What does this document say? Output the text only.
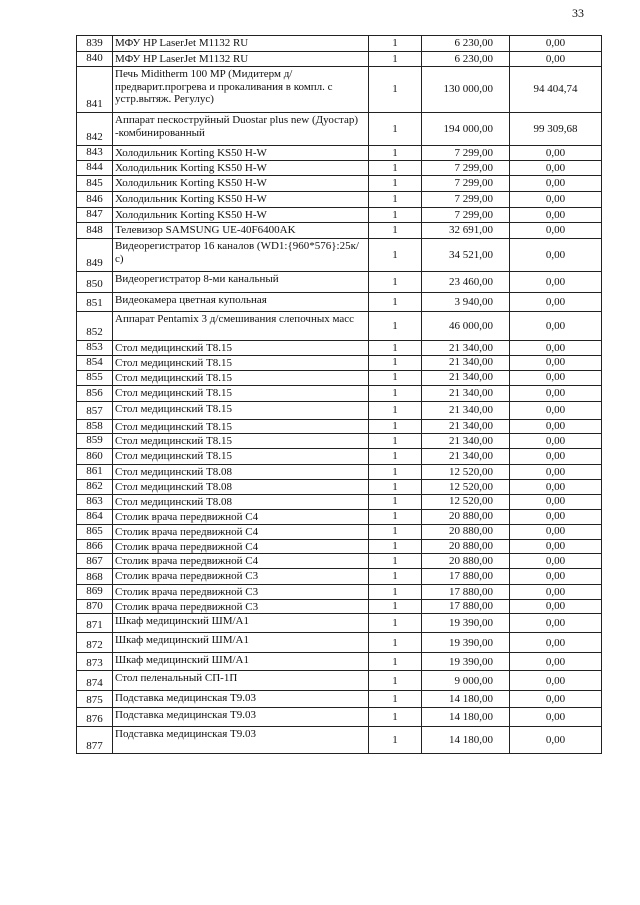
33
839	МФУ HP LaserJet M1132 RU	1	6 230,00	0,00
840	МФУ HP LaserJet M1132 RU	1	6 230,00	0,00
841	Печь Miditherm 100 MP (Мидитерм д/предварит.прогрева и прокаливания в компл. с устр.вытяж. Регулус)	1	130 000,00	94 404,74
842	Аппарат пескоструйный Duostar plus new (Дуостар) -комбинированный	1	194 000,00	99 309,68
843	Холодильник Korting KS50 H-W	1	7 299,00	0,00
844	Холодильник Korting KS50 H-W	1	7 299,00	0,00
845	Холодильник Korting KS50 H-W	1	7 299,00	0,00
846	Холодильник Korting KS50 H-W	1	7 299,00	0,00
847	Холодильник Korting KS50 H-W	1	7 299,00	0,00
848	Телевизор SAMSUNG UE-40F6400AK	1	32 691,00	0,00
849	Видеорегистратор 16 каналов (WD1:{960*576}:25к/с)	1	34 521,00	0,00
850	Видеорегистратор 8-ми канальный	1	23 460,00	0,00
851	Видеокамера цветная купольная	1	3 940,00	0,00
852	Аппарат Pentamix 3 д/смешивания слепочных масс	1	46 000,00	0,00
853	Стол медицинский Т8.15	1	21 340,00	0,00
854	Стол медицинский Т8.15	1	21 340,00	0,00
855	Стол медицинский Т8.15	1	21 340,00	0,00
856	Стол медицинский Т8.15	1	21 340,00	0,00
857	Стол медицинский Т8.15	1	21 340,00	0,00
858	Стол медицинский Т8.15	1	21 340,00	0,00
859	Стол медицинский Т8.15	1	21 340,00	0,00
860	Стол медицинский Т8.15	1	21 340,00	0,00
861	Стол медицинский Т8.08	1	12 520,00	0,00
862	Стол медицинский Т8.08	1	12 520,00	0,00
863	Стол медицинский Т8.08	1	12 520,00	0,00
864	Столик врача передвижной С4	1	20 880,00	0,00
865	Столик врача передвижной С4	1	20 880,00	0,00
866	Столик врача передвижной С4	1	20 880,00	0,00
867	Столик врача передвижной С4	1	20 880,00	0,00
868	Столик врача передвижной С3	1	17 880,00	0,00
869	Столик врача передвижной С3	1	17 880,00	0,00
870	Столик врача передвижной С3	1	17 880,00	0,00
871	Шкаф медицинский ШМ/А1	1	19 390,00	0,00
872	Шкаф медицинский ШМ/А1	1	19 390,00	0,00
873	Шкаф медицинский ШМ/А1	1	19 390,00	0,00
874	Стол пеленальный СП-1П	1	9 000,00	0,00
875	Подставка медицинская Т9.03	1	14 180,00	0,00
876	Подставка медицинская Т9.03	1	14 180,00	0,00
877	Подставка медицинская Т9.03	1	14 180,00	0,00
